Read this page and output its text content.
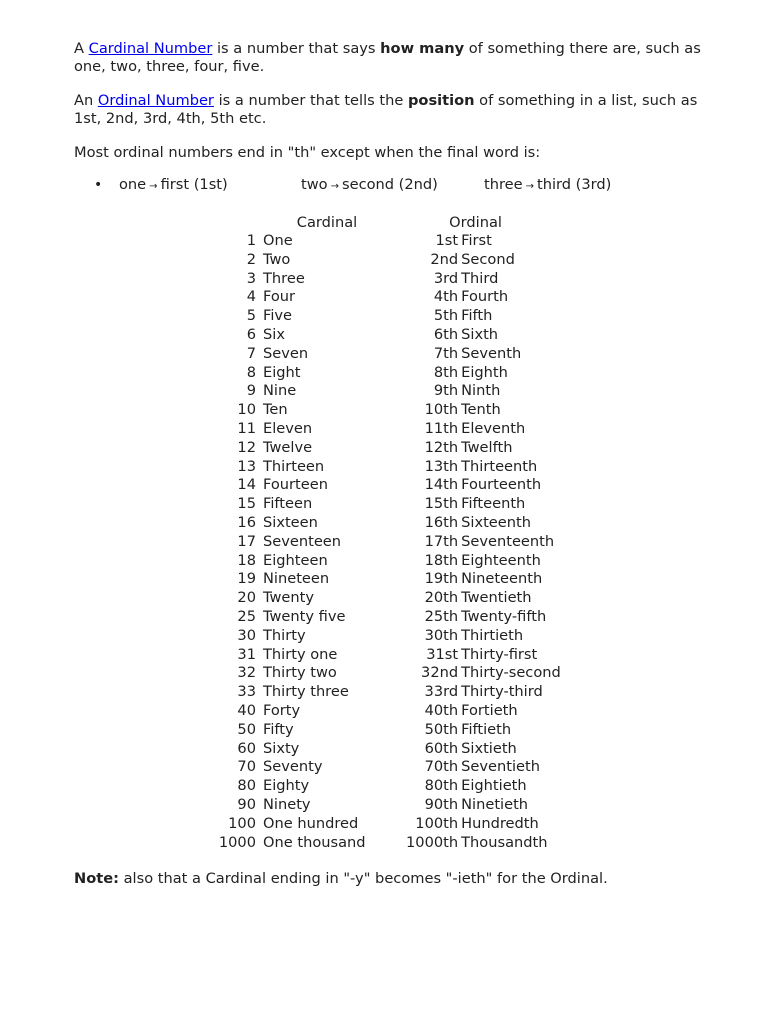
A Cardinal Number is a number that says how many of something there are, such as one, two, three, four, five.

An Ordinal Number is a number that tells the position of something in a list, such as 1st, 2nd, 3rd, 4th, 5th etc.

Most ordinal numbers end in "th" except when the final word is:

• one → first (1st)	two → second (2nd)	three → third (3rd)
Cardinal		Ordinal	
1	One	1st	First
2	Two	2nd	Second
3	Three	3rd	Third
4	Four	4th	Fourth
5	Five	5th	Fifth
6	Six	6th	Sixth
7	Seven	7th	Seventh
8	Eight	8th	Eighth
9	Nine	9th	Ninth
10	Ten	10th	Tenth
11	Eleven	11th	Eleventh
12	Twelve	12th	Twelfth
13	Thirteen	13th	Thirteenth
14	Fourteen	14th	Fourteenth
15	Fifteen	15th	Fifteenth
16	Sixteen	16th	Sixteenth
17	Seventeen	17th	Seventeenth
18	Eighteen	18th	Eighteenth
19	Nineteen	19th	Nineteenth
20	Twenty	20th	Twentieth
25	Twenty five	25th	Twenty-fifth
30	Thirty	30th	Thirtieth
31	Thirty one	31st	Thirty-first
32	Thirty two	32nd	Thirty-second
33	Thirty three	33rd	Thirty-third
40	Forty	40th	Fortieth
50	Fifty	50th	Fiftieth
60	Sixty	60th	Sixtieth
70	Seventy	70th	Seventieth
80	Eighty	80th	Eightieth
90	Ninety	90th	Ninetieth
100	One hundred	100th	Hundredth
1000	One thousand	1000th	Thousandth

Note: also that a Cardinal ending in "-y" becomes "-ieth" for the Ordinal.
